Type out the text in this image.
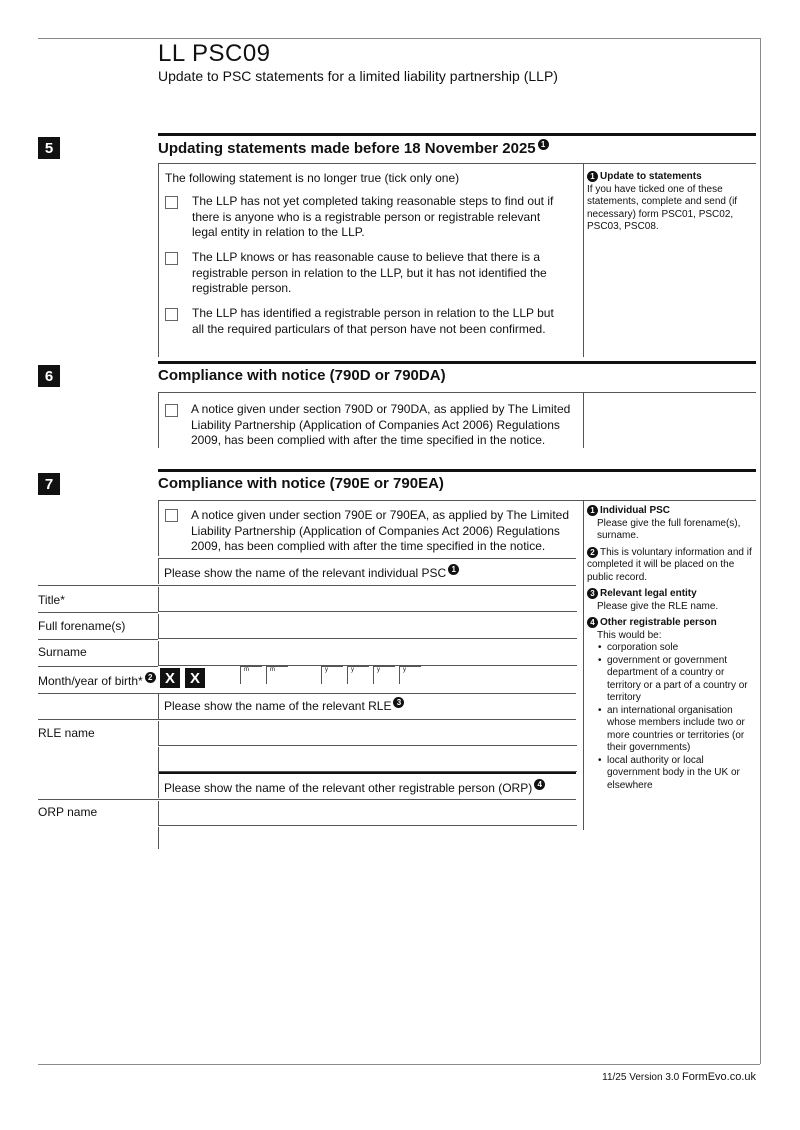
LL PSC09
Update to PSC statements for a limited liability partnership (LLP)
5	Updating statements made before 18 November 2025 1
The following statement is no longer true (tick only one)
The LLP has not yet completed taking reasonable steps to find out if there is anyone who is a registrable person or registrable relevant legal entity in relation to the LLP.
The LLP knows or has reasonable cause to believe that there is a registrable person in relation to the LLP, but it has not identified the registrable person.
The LLP has identified a registrable person in relation to the LLP but all the required particulars of that person have not been confirmed.
1 Update to statements
If you have ticked one of these statements, complete and send (if necessary) form PSC01, PSC02, PSC03, PSC08.
6	Compliance with notice (790D or 790DA)
A notice given under section 790D or 790DA, as applied by The Limited Liability Partnership (Application of Companies Act 2006) Regulations 2009, has been complied with after the time specified in the notice.
7	Compliance with notice (790E or 790EA)
A notice given under section 790E or 790EA, as applied by The Limited Liability Partnership (Application of Companies Act 2006) Regulations 2009, has been complied with after the time specified in the notice.
Please show the name of the relevant individual PSC 1
Title*
Full forename(s)
Surname
Month/year of birth* 2 X X	m	m	y	y	y	y
Please show the name of the relevant RLE 3
RLE name
Please show the name of the relevant other registrable person (ORP) 4
ORP name
1 Individual PSC

Please give the full forename(s), surname.
2 This is voluntary information and if completed it will be placed on the public record.
3 Relevant legal entity

Please give the RLE name.
4 Other registrable person

This would be:
• corporation sole
• government or government department of a country or territory or a part of a country or territory
• an international organisation whose members include two or more countries or territories (or their governments)
• local authority or local government body in the UK or elsewhere
11/25 Version 3.0 FormEvo.co.uk
